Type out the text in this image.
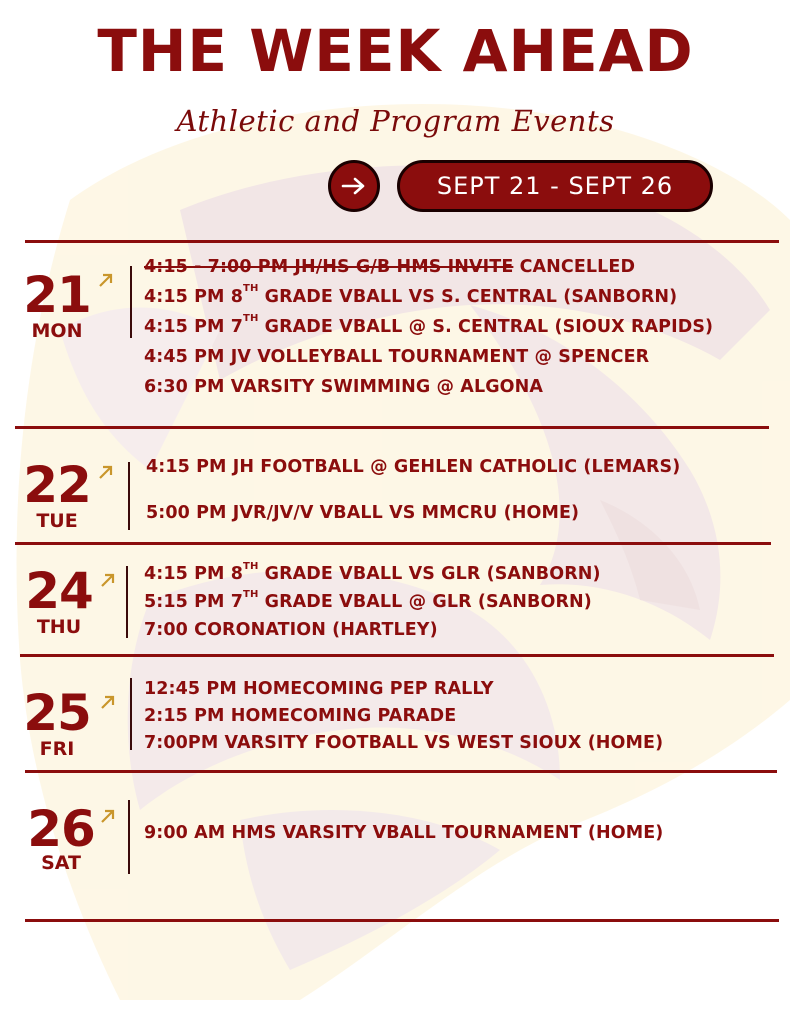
THE WEEK AHEAD

Athletic and Program Events

SEPT 21 - SEPT 26
21
MON
4:15 - 7:00 PM JH/HS G/B HMS INVITE CANCELLED
4:15 PM 8TH GRADE VBALL VS S. CENTRAL (SANBORN)
4:15 PM 7TH GRADE VBALL @ S. CENTRAL (SIOUX RAPIDS)
4:45 PM JV VOLLEYBALL TOURNAMENT @ SPENCER
6:30 PM VARSITY SWIMMING @ ALGONA
22
TUE
4:15 PM JH FOOTBALL @ GEHLEN CATHOLIC (LEMARS)
5:00 PM JVR/JV/V VBALL VS MMCRU (HOME)
24
THU
4:15 PM 8TH GRADE VBALL VS GLR (SANBORN)
5:15 PM 7TH GRADE VBALL @ GLR (SANBORN)
7:00 CORONATION (HARTLEY)
25
FRI
12:45 PM HOMECOMING PEP RALLY
2:15 PM HOMECOMING PARADE
7:00PM VARSITY FOOTBALL VS WEST SIOUX (HOME)
26
SAT
9:00 AM HMS VARSITY VBALL TOURNAMENT (HOME)
